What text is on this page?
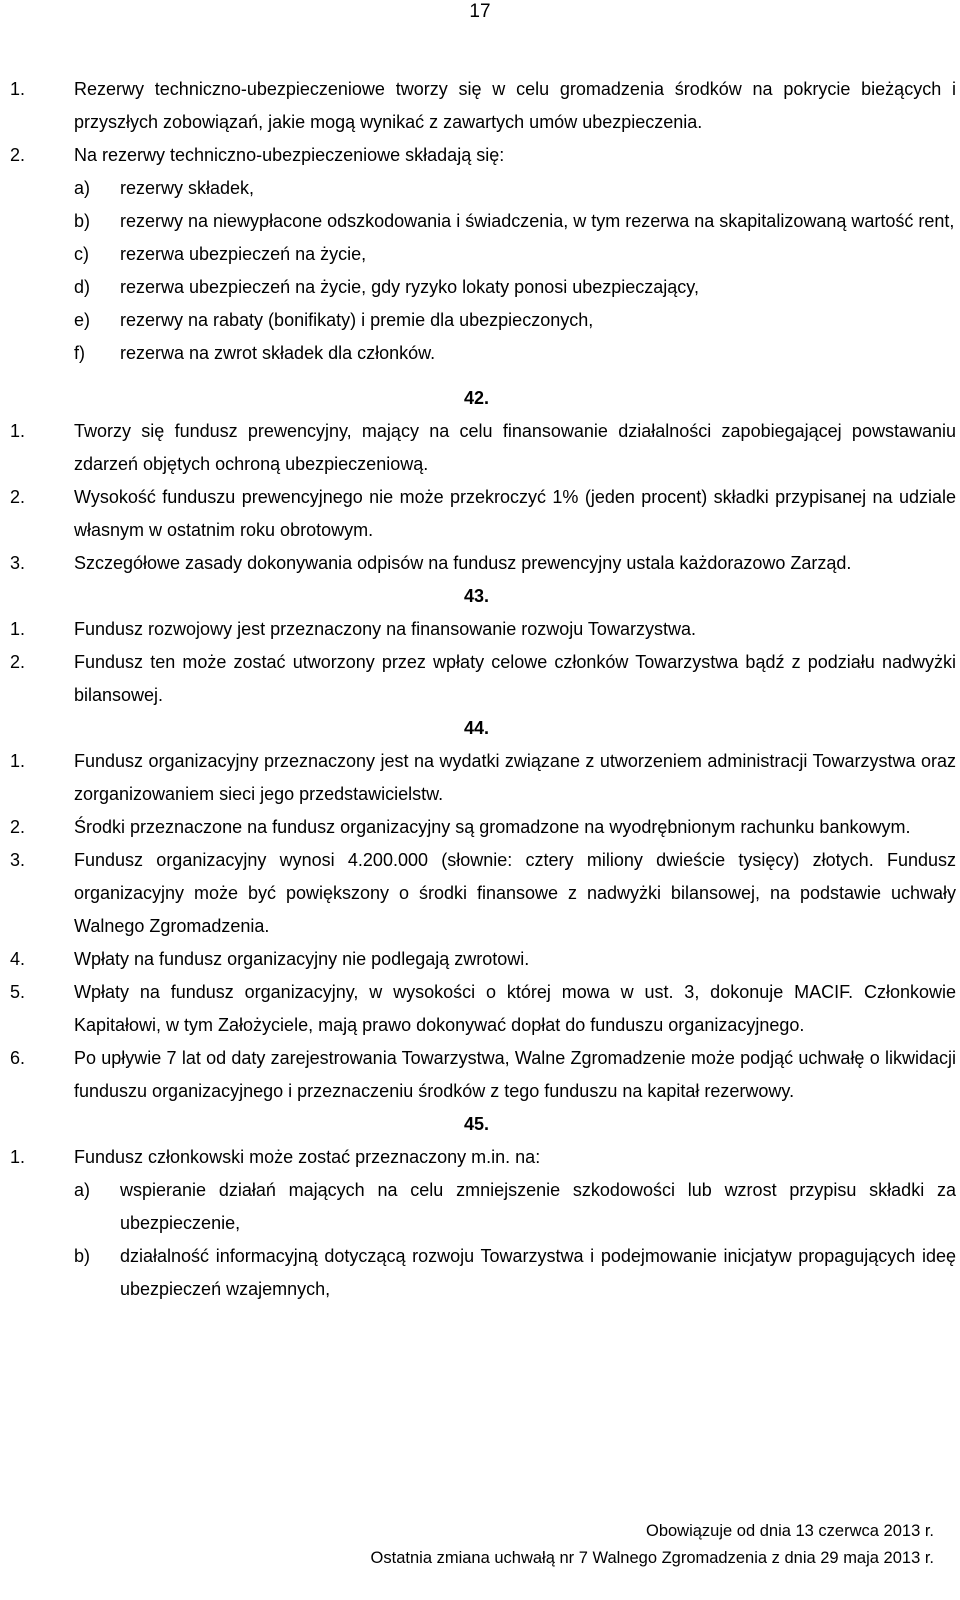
17
1.	Rezerwy techniczno-ubezpieczeniowe tworzy się w celu gromadzenia środków na pokrycie bieżących i przyszłych zobowiązań, jakie mogą wynikać z zawartych umów ubezpieczenia.
2.	Na rezerwy techniczno-ubezpieczeniowe składają się:
a)	rezerwy składek,
b)	rezerwy na niewypłacone odszkodowania i świadczenia, w tym rezerwa na skapitalizowaną wartość rent,
c)	rezerwa ubezpieczeń na życie,
d)	rezerwa ubezpieczeń na życie, gdy ryzyko lokaty ponosi ubezpieczający,
e)	rezerwy na rabaty (bonifikaty) i premie dla ubezpieczonych,
f)	rezerwa na zwrot składek dla członków.
42.
1.	Tworzy się fundusz prewencyjny, mający na celu finansowanie działalności zapobiegającej powstawaniu zdarzeń objętych ochroną ubezpieczeniową.
2.	Wysokość funduszu prewencyjnego nie może przekroczyć 1% (jeden procent) składki przypisanej na udziale własnym w ostatnim roku obrotowym.
3.	Szczegółowe zasady dokonywania odpisów na fundusz prewencyjny ustala każdorazowo Zarząd.
43.
1.	Fundusz rozwojowy jest przeznaczony na finansowanie rozwoju Towarzystwa.
2.	Fundusz ten może zostać utworzony przez wpłaty celowe członków Towarzystwa bądź z podziału nadwyżki bilansowej.
44.
1.	Fundusz organizacyjny przeznaczony jest na wydatki związane z utworzeniem administracji Towarzystwa oraz zorganizowaniem sieci jego przedstawicielstw.
2.	Środki przeznaczone na fundusz organizacyjny są gromadzone na wyodrębnionym rachunku bankowym.
3.	Fundusz organizacyjny wynosi 4.200.000 (słownie: cztery miliony dwieście tysięcy) złotych. Fundusz organizacyjny może być powiększony o środki finansowe z nadwyżki bilansowej, na podstawie uchwały Walnego Zgromadzenia.
4.	Wpłaty na fundusz organizacyjny nie podlegają zwrotowi.
5.	Wpłaty na fundusz organizacyjny, w wysokości o której mowa w ust. 3, dokonuje MACIF. Członkowie Kapitałowi, w tym Założyciele, mają prawo dokonywać dopłat do funduszu organizacyjnego.
6.	Po upływie 7 lat od daty zarejestrowania Towarzystwa, Walne Zgromadzenie może podjąć uchwałę o likwidacji funduszu organizacyjnego i przeznaczeniu środków z tego funduszu na kapitał rezerwowy.
45.
1.	Fundusz członkowski może zostać przeznaczony m.in. na:
a)	wspieranie działań mających na celu zmniejszenie szkodowości lub wzrost przypisu składki za ubezpieczenie,
b)	działalność informacyjną dotyczącą rozwoju Towarzystwa i podejmowanie inicjatyw propagujących ideę ubezpieczeń wzajemnych,
Obowiązuje od dnia 13 czerwca 2013 r.
Ostatnia zmiana uchwałą nr 7 Walnego Zgromadzenia z dnia 29 maja 2013 r.
